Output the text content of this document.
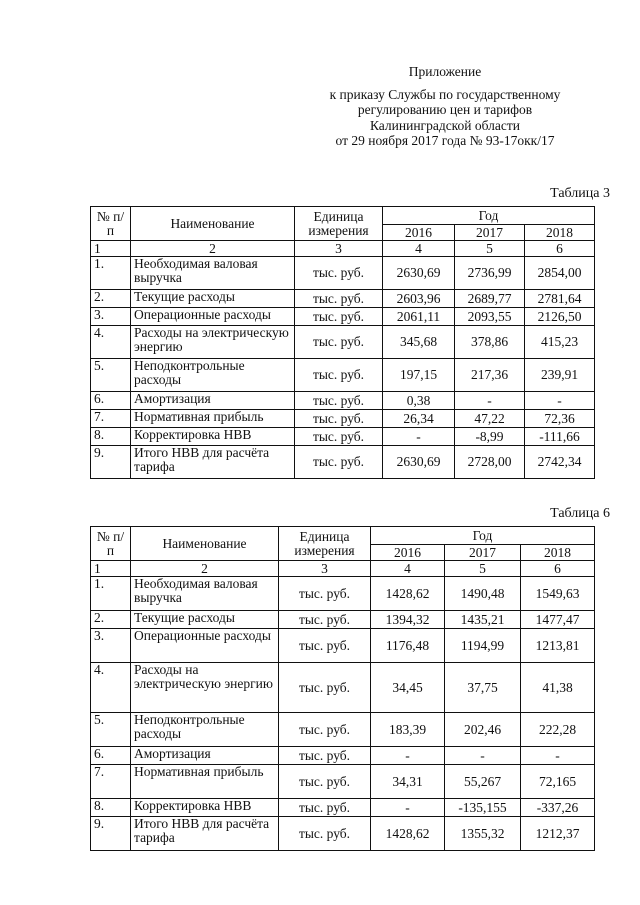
Приложение
к приказу Службы по государственному
регулированию цен и тарифов
Калининградской области
от 29 ноября 2017 года № 93-17окк/17
Таблица 3
№ п/п	Наименование	Единица измерения	Год		
			2016	2017	2018
1	2	3	4	5	6
1.	Необходимая валовая выручка	тыс. руб.	2630,69	2736,99	2854,00
2.	Текущие расходы	тыс. руб.	2603,96	2689,77	2781,64
3.	Операционные расходы	тыс. руб.	2061,11	2093,55	2126,50
4.	Расходы на электрическую энергию	тыс. руб.	345,68	378,86	415,23
5.	Неподконтрольные расходы	тыс. руб.	197,15	217,36	239,91
6.	Амортизация	тыс. руб.	0,38	-	-
7.	Нормативная прибыль	тыс. руб.	26,34	47,22	72,36
8.	Корректировка НВВ	тыс. руб.	-	-8,99	-111,66
9.	Итого НВВ для расчёта тарифа	тыс. руб.	2630,69	2728,00	2742,34
Таблица 6
№ п/п	Наименование	Единица измерения	Год		
			2016	2017	2018
1	2	3	4	5	6
1.	Необходимая валовая выручка	тыс. руб.	1428,62	1490,48	1549,63
2.	Текущие расходы	тыс. руб.	1394,32	1435,21	1477,47
3.	Операционные расходы	тыс. руб.	1176,48	1194,99	1213,81
4.	Расходы на электрическую энергию	тыс. руб.	34,45	37,75	41,38
5.	Неподконтрольные расходы	тыс. руб.	183,39	202,46	222,28
6.	Амортизация	тыс. руб.	-	-	-
7.	Нормативная прибыль	тыс. руб.	34,31	55,267	72,165
8.	Корректировка НВВ	тыс. руб.	-	-135,155	-337,26
9.	Итого НВВ для расчёта тарифа	тыс. руб.	1428,62	1355,32	1212,37
